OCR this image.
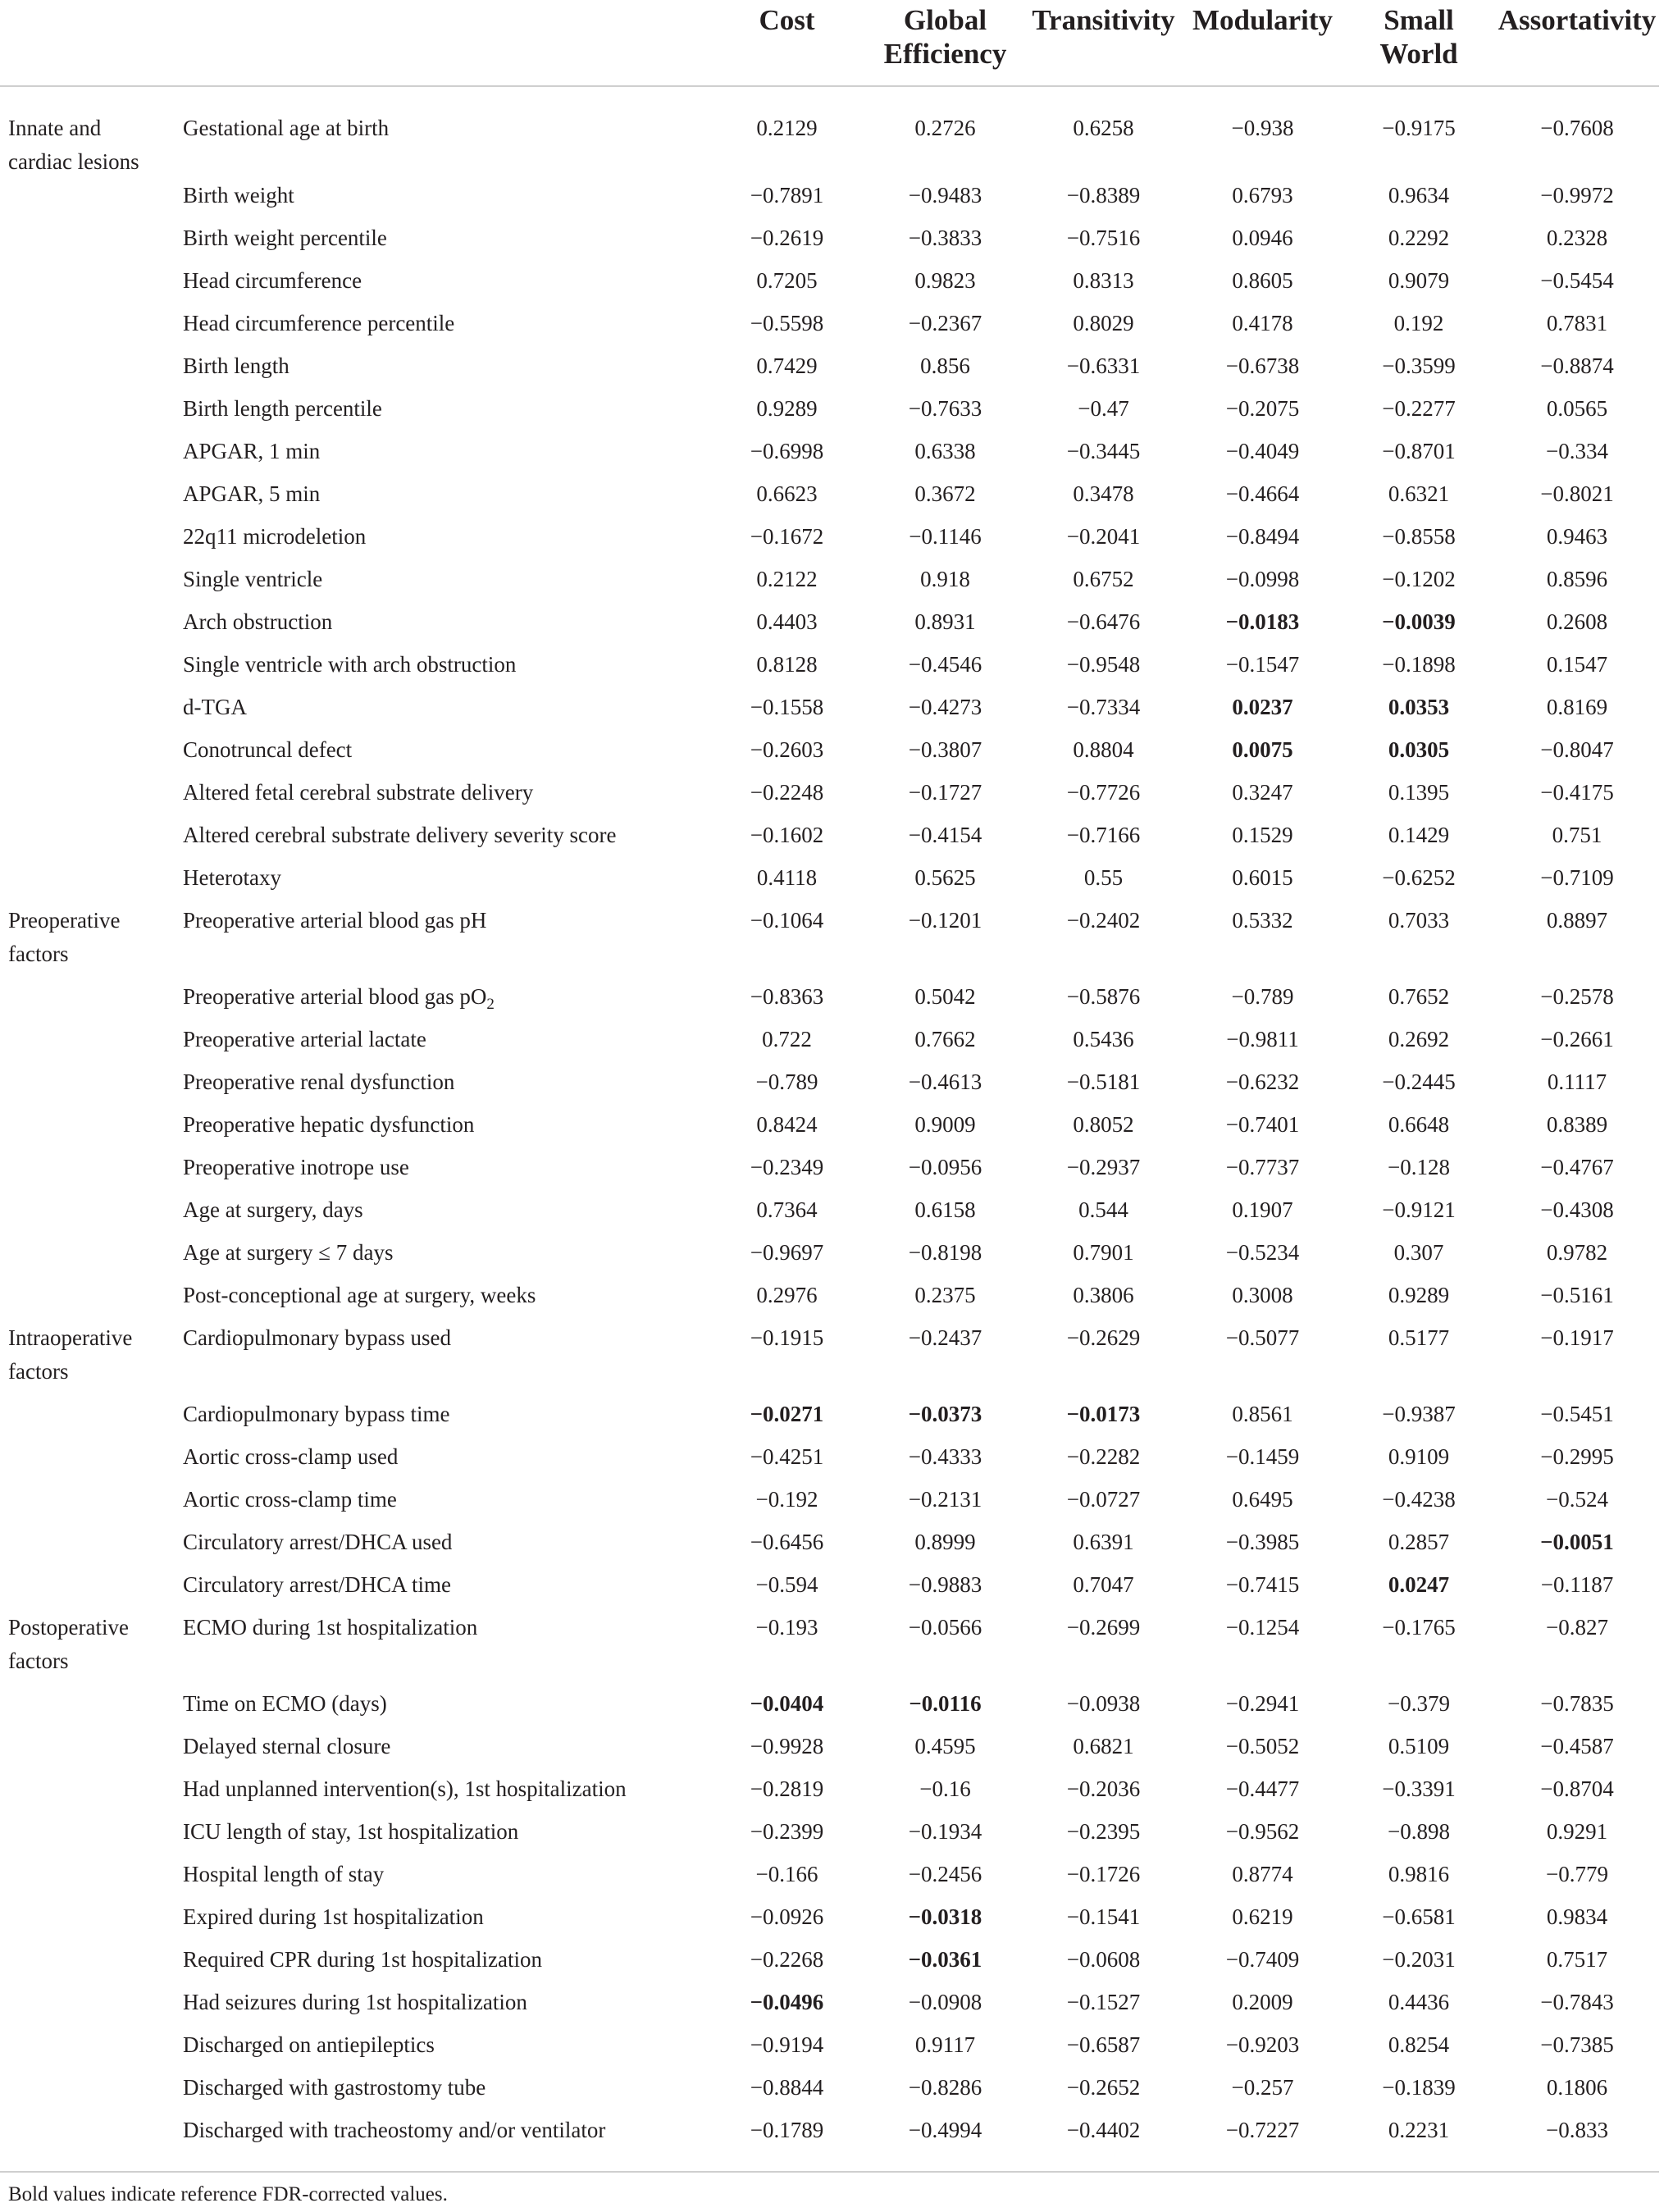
		Cost	Global
Efficiency	Transitivity	Modularity	Small
World	Assortativity
Innate and
cardiac lesions	Gestational age at birth	0.2129	0.2726	0.6258	−0.938	−0.9175	−0.7608
	Birth weight	−0.7891	−0.9483	−0.8389	0.6793	0.9634	−0.9972
	Birth weight percentile	−0.2619	−0.3833	−0.7516	0.0946	0.2292	0.2328
	Head circumference	0.7205	0.9823	0.8313	0.8605	0.9079	−0.5454
	Head circumference percentile	−0.5598	−0.2367	0.8029	0.4178	0.192	0.7831
	Birth length	0.7429	0.856	−0.6331	−0.6738	−0.3599	−0.8874
	Birth length percentile	0.9289	−0.7633	−0.47	−0.2075	−0.2277	0.0565
	APGAR, 1 min	−0.6998	0.6338	−0.3445	−0.4049	−0.8701	−0.334
	APGAR, 5 min	0.6623	0.3672	0.3478	−0.4664	0.6321	−0.8021
	22q11 microdeletion	−0.1672	−0.1146	−0.2041	−0.8494	−0.8558	0.9463
	Single ventricle	0.2122	0.918	0.6752	−0.0998	−0.1202	0.8596
	Arch obstruction	0.4403	0.8931	−0.6476	−0.0183	−0.0039	0.2608
	Single ventricle with arch obstruction	0.8128	−0.4546	−0.9548	−0.1547	−0.1898	0.1547
	d-TGA	−0.1558	−0.4273	−0.7334	0.0237	0.0353	0.8169
	Conotruncal defect	−0.2603	−0.3807	0.8804	0.0075	0.0305	−0.8047
	Altered fetal cerebral substrate delivery	−0.2248	−0.1727	−0.7726	0.3247	0.1395	−0.4175
	Altered cerebral substrate delivery severity score	−0.1602	−0.4154	−0.7166	0.1529	0.1429	0.751
	Heterotaxy	0.4118	0.5625	0.55	0.6015	−0.6252	−0.7109
Preoperative
factors	Preoperative arterial blood gas pH	−0.1064	−0.1201	−0.2402	0.5332	0.7033	0.8897
	Preoperative arterial blood gas $pO_2$	−0.8363	0.5042	−0.5876	−0.789	0.7652	−0.2578
	Preoperative arterial lactate	0.722	0.7662	0.5436	−0.9811	0.2692	−0.2661
	Preoperative renal dysfunction	−0.789	−0.4613	−0.5181	−0.6232	−0.2445	0.1117
	Preoperative hepatic dysfunction	0.8424	0.9009	0.8052	−0.7401	0.6648	0.8389
	Preoperative inotrope use	−0.2349	−0.0956	−0.2937	−0.7737	−0.128	−0.4767
	Age at surgery, days	0.7364	0.6158	0.544	0.1907	−0.9121	−0.4308
	Age at surgery ≤ 7 days	−0.9697	−0.8198	0.7901	−0.5234	0.307	0.9782
	Post-conceptional age at surgery, weeks	0.2976	0.2375	0.3806	0.3008	0.9289	−0.5161
Intraoperative
factors	Cardiopulmonary bypass used	−0.1915	−0.2437	−0.2629	−0.5077	0.5177	−0.1917
	Cardiopulmonary bypass time	−0.0271	−0.0373	−0.0173	0.8561	−0.9387	−0.5451
	Aortic cross-clamp used	−0.4251	−0.4333	−0.2282	−0.1459	0.9109	−0.2995
	Aortic cross-clamp time	−0.192	−0.2131	−0.0727	0.6495	−0.4238	−0.524
	Circulatory arrest/DHCA used	−0.6456	0.8999	0.6391	−0.3985	0.2857	−0.0051
	Circulatory arrest/DHCA time	−0.594	−0.9883	0.7047	−0.7415	0.0247	−0.1187
Postoperative
factors	ECMO during 1st hospitalization	−0.193	−0.0566	−0.2699	−0.1254	−0.1765	−0.827
	Time on ECMO (days)	−0.0404	−0.0116	−0.0938	−0.2941	−0.379	−0.7835
	Delayed sternal closure	−0.9928	0.4595	0.6821	−0.5052	0.5109	−0.4587
	Had unplanned intervention(s), 1st hospitalization	−0.2819	−0.16	−0.2036	−0.4477	−0.3391	−0.8704
	ICU length of stay, 1st hospitalization	−0.2399	−0.1934	−0.2395	−0.9562	−0.898	0.9291
	Hospital length of stay	−0.166	−0.2456	−0.1726	0.8774	0.9816	−0.779
	Expired during 1st hospitalization	−0.0926	−0.0318	−0.1541	0.6219	−0.6581	0.9834
	Required CPR during 1st hospitalization	−0.2268	−0.0361	−0.0608	−0.7409	−0.2031	0.7517
	Had seizures during 1st hospitalization	−0.0496	−0.0908	−0.1527	0.2009	0.4436	−0.7843
	Discharged on antiepileptics	−0.9194	0.9117	−0.6587	−0.9203	0.8254	−0.7385
	Discharged with gastrostomy tube	−0.8844	−0.8286	−0.2652	−0.257	−0.1839	0.1806
	Discharged with tracheostomy and/or ventilator	−0.1789	−0.4994	−0.4402	−0.7227	0.2231	−0.833
Bold values indicate reference FDR-corrected values.
